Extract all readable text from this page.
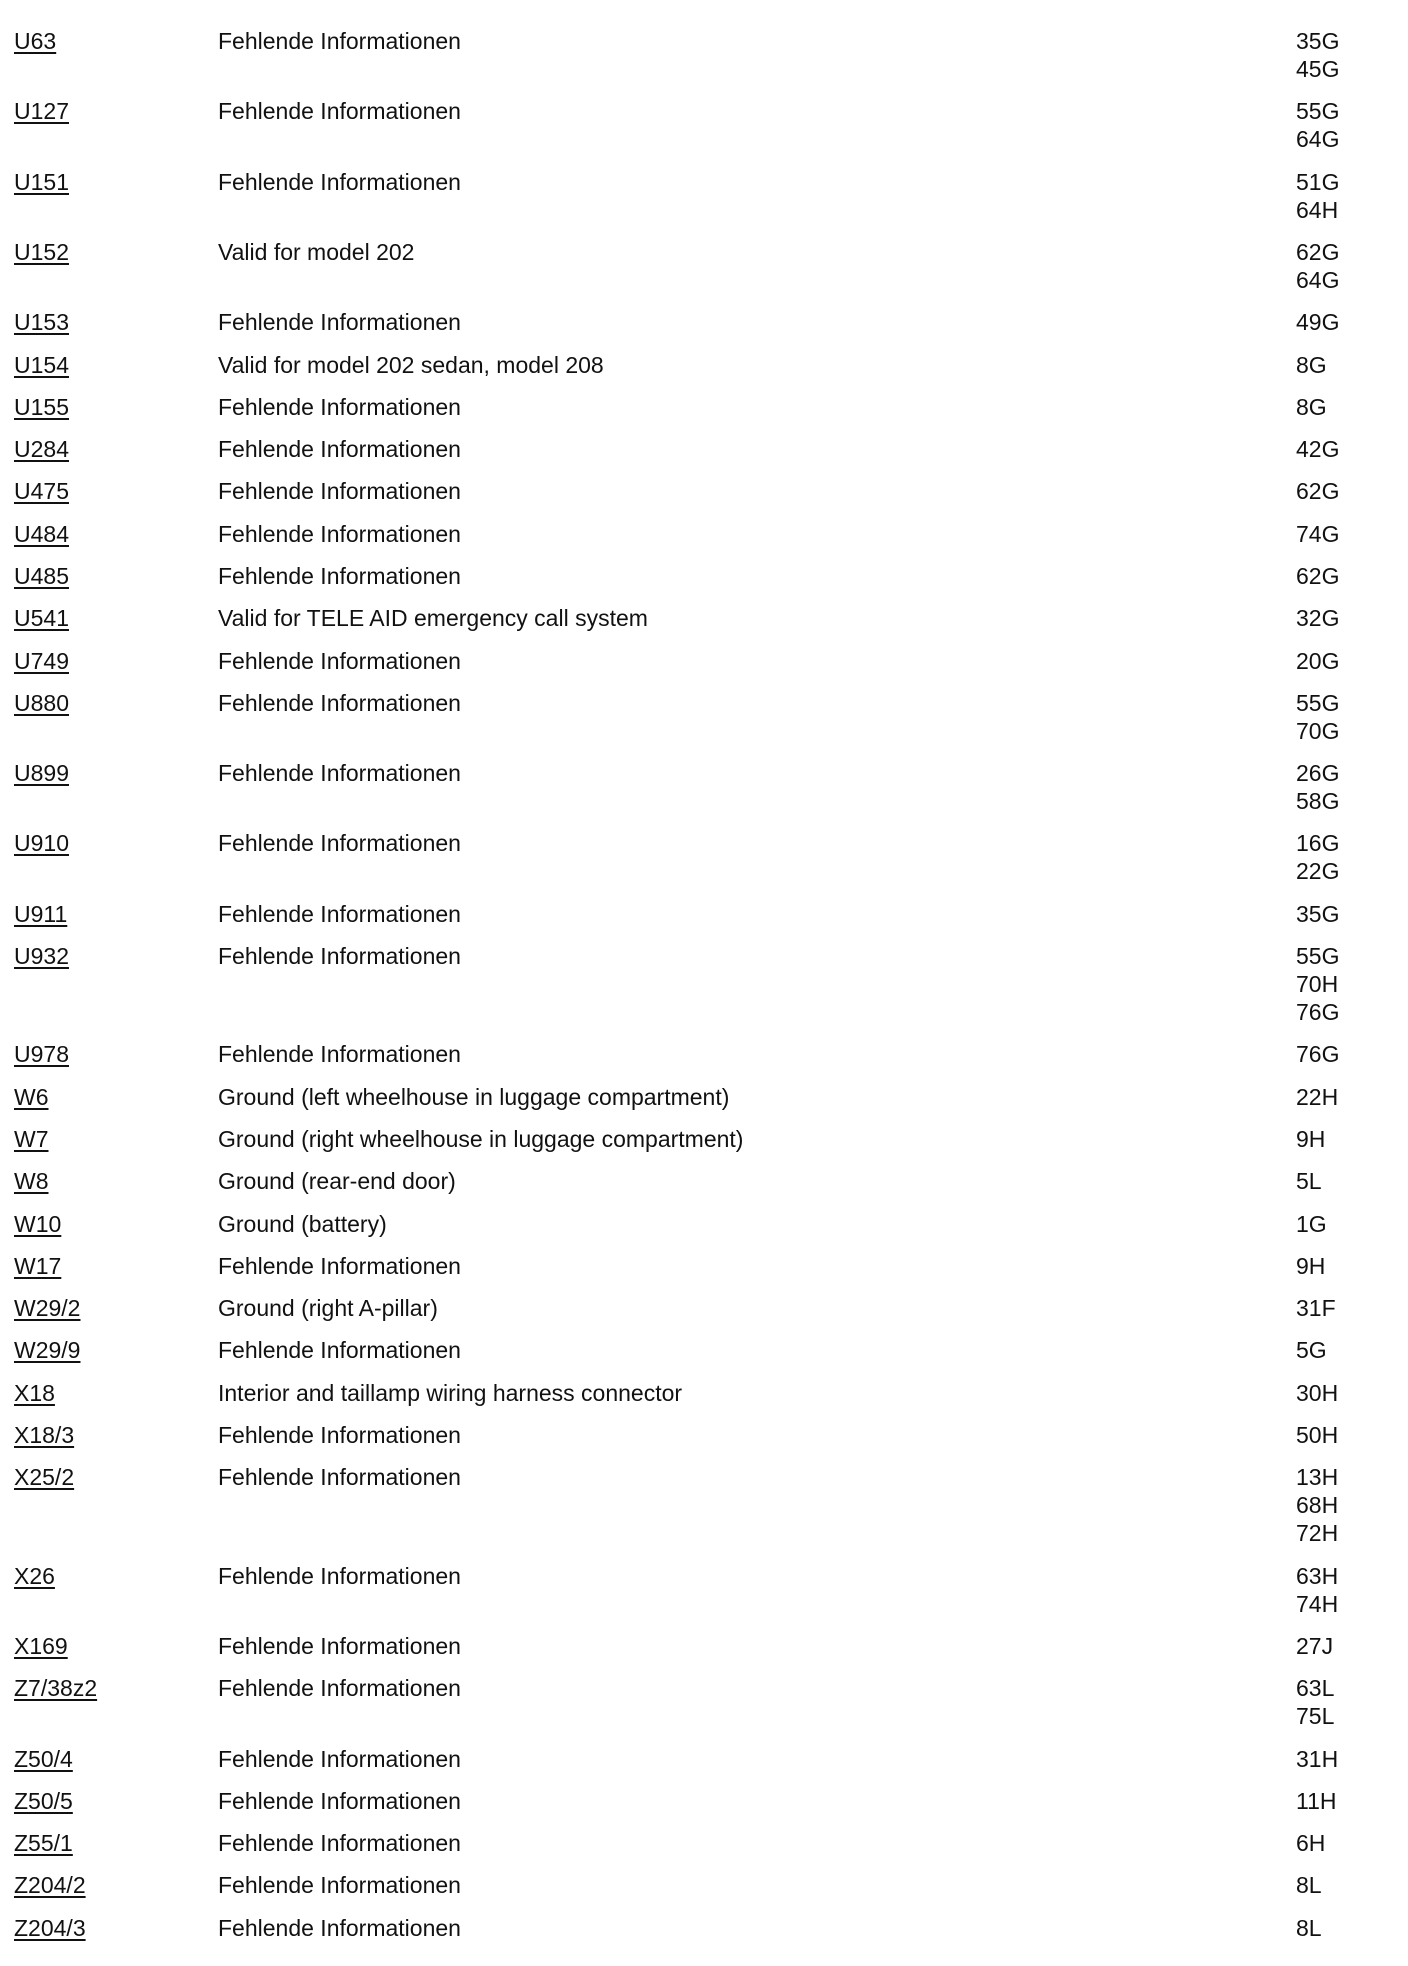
U63	Fehlende Informationen	35G
45G
U127	Fehlende Informationen	55G
64G
U151	Fehlende Informationen	51G
64H
U152	Valid for model 202	62G
64G
U153	Fehlende Informationen	49G
U154	Valid for model 202 sedan, model 208	8G
U155	Fehlende Informationen	8G
U284	Fehlende Informationen	42G
U475	Fehlende Informationen	62G
U484	Fehlende Informationen	74G
U485	Fehlende Informationen	62G
U541	Valid for TELE AID emergency call system	32G
U749	Fehlende Informationen	20G
U880	Fehlende Informationen	55G
70G
U899	Fehlende Informationen	26G
58G
U910	Fehlende Informationen	16G
22G
U911	Fehlende Informationen	35G
U932	Fehlende Informationen	55G
70H
76G
U978	Fehlende Informationen	76G
W6	Ground (left wheelhouse in luggage compartment)	22H
W7	Ground (right wheelhouse in luggage compartment)	9H
W8	Ground (rear-end door)	5L
W10	Ground (battery)	1G
W17	Fehlende Informationen	9H
W29/2	Ground (right A-pillar)	31F
W29/9	Fehlende Informationen	5G
X18	Interior and taillamp wiring harness connector	30H
X18/3	Fehlende Informationen	50H
X25/2	Fehlende Informationen	13H
68H
72H
X26	Fehlende Informationen	63H
74H
X169	Fehlende Informationen	27J
Z7/38z2	Fehlende Informationen	63L
75L
Z50/4	Fehlende Informationen	31H
Z50/5	Fehlende Informationen	11H
Z55/1	Fehlende Informationen	6H
Z204/2	Fehlende Informationen	8L
Z204/3	Fehlende Informationen	8L
